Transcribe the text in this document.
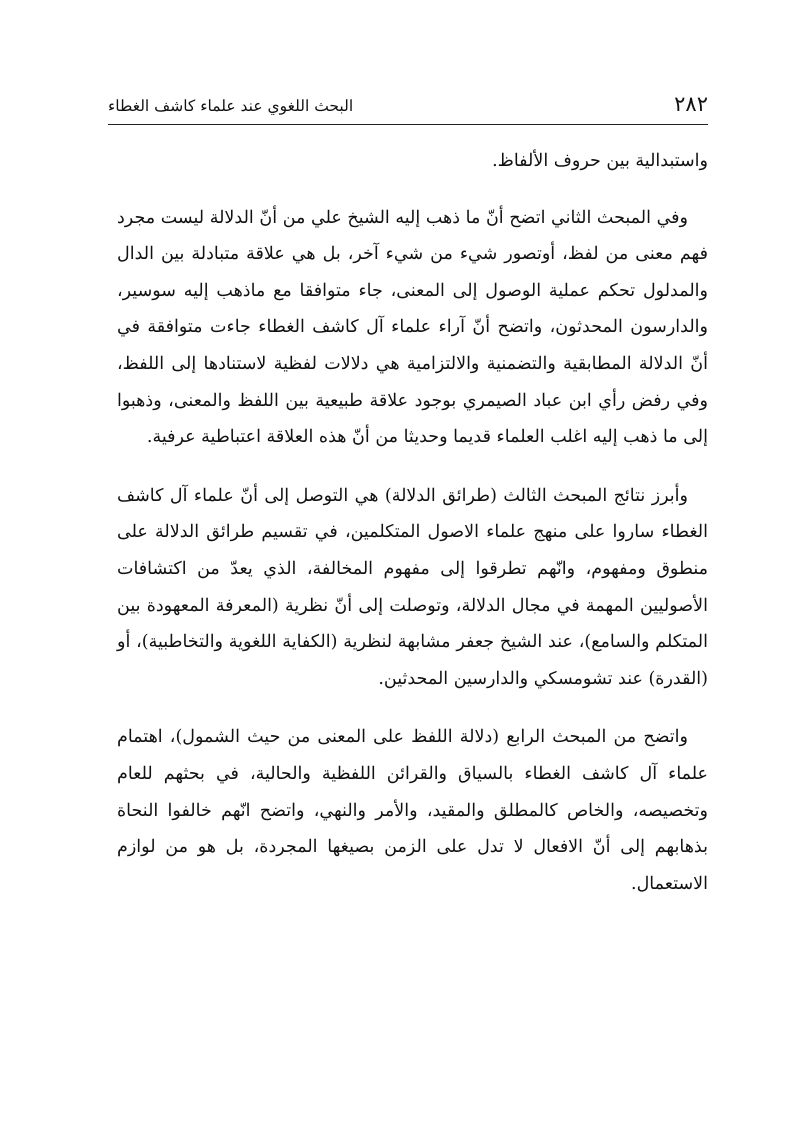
٢٨٢
البحث اللغوي عند علماء كاشف الغطاء

واستبدالية بين حروف الألفاظ.

وفي المبحث الثاني اتضح أنّ ما ذهب إليه الشيخ علي من أنّ الدلالة ليست مجرد فهم معنى من لفظ، أوتصور شيء من شيء آخر، بل هي علاقة متبادلة بين الدال والمدلول تحكم عملية الوصول إلى المعنى، جاء متوافقا مع ماذهب إليه سوسير، والدارسون المحدثون، واتضح أنّ آراء علماء آل كاشف الغطاء جاءت متوافقة في أنّ الدلالة المطابقية والتضمنية والالتزامية هي دلالات لفظية لاستنادها إلى اللفظ، وفي رفض رأي ابن عباد الصيمري بوجود علاقة طبيعية بين اللفظ والمعنى، وذهبوا إلى ما ذهب إليه اغلب العلماء قديما وحديثا من أنّ هذه العلاقة اعتباطية عرفية.

وأبرز نتائج المبحث الثالث (طرائق الدلالة) هي التوصل إلى أنّ علماء آل كاشف الغطاء ساروا على منهج علماء الاصول المتكلمين، في تقسيم طرائق الدلالة على منطوق ومفهوم، وانّهم تطرقوا إلى مفهوم المخالفة، الذي يعدّ من اكتشافات الأصوليين المهمة في مجال الدلالة، وتوصلت إلى أنّ نظرية (المعرفة المعهودة بين المتكلم والسامع)، عند الشيخ جعفر مشابهة لنظرية (الكفاية اللغوية والتخاطبية)، أو (القدرة) عند تشومسكي والدارسين المحدثين.

واتضح من المبحث الرابع (دلالة اللفظ على المعنى من حيث الشمول)، اهتمام علماء آل كاشف الغطاء بالسياق والقرائن اللفظية والحالية، في بحثهم للعام وتخصيصه، والخاص كالمطلق والمقيد، والأمر والنهي، واتضح انّهم خالفوا النحاة بذهابهم إلى أنّ الافعال لا تدل على الزمن بصيغها المجردة، بل هو من لوازم الاستعمال.
